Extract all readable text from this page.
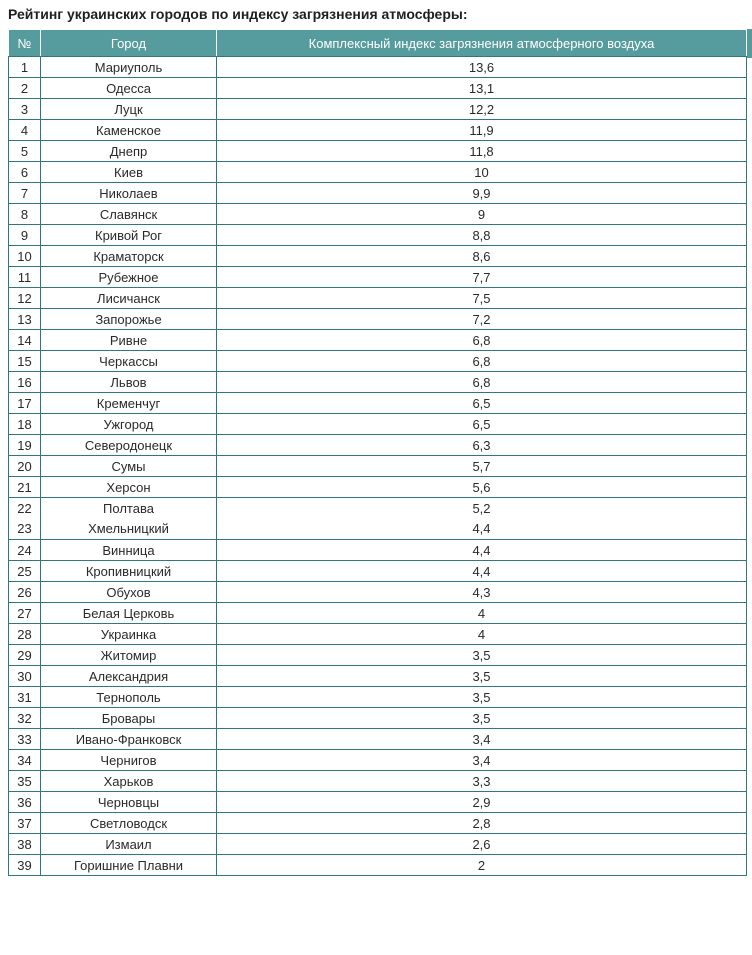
Рейтинг украинских городов по индексу загрязнения атмосферы:
№	Город	Комплексный индекс загрязнения атмосферного воздуха
1	Мариуполь	13,6
2	Одесса	13,1
3	Луцк	12,2
4	Каменское	11,9
5	Днепр	11,8
6	Киев	10
7	Николаев	9,9
8	Славянск	9
9	Кривой Рог	8,8
10	Краматорск	8,6
11	Рубежное	7,7
12	Лисичанск	7,5
13	Запорожье	7,2
14	Ривне	6,8
15	Черкассы	6,8
16	Львов	6,8
17	Кременчуг	6,5
18	Ужгород	6,5
19	Северодонецк	6,3
20	Сумы	5,7
21	Херсон	5,6
22	Полтава	5,2
23	Хмельницкий	4,4
24	Винница	4,4
25	Кропивницкий	4,4
26	Обухов	4,3
27	Белая Церковь	4
28	Украинка	4
29	Житомир	3,5
30	Александрия	3,5
31	Тернополь	3,5
32	Бровары	3,5
33	Ивано-Франковск	3,4
34	Чернигов	3,4
35	Харьков	3,3
36	Черновцы	2,9
37	Светловодск	2,8
38	Измаил	2,6
39	Горишние Плавни	2
